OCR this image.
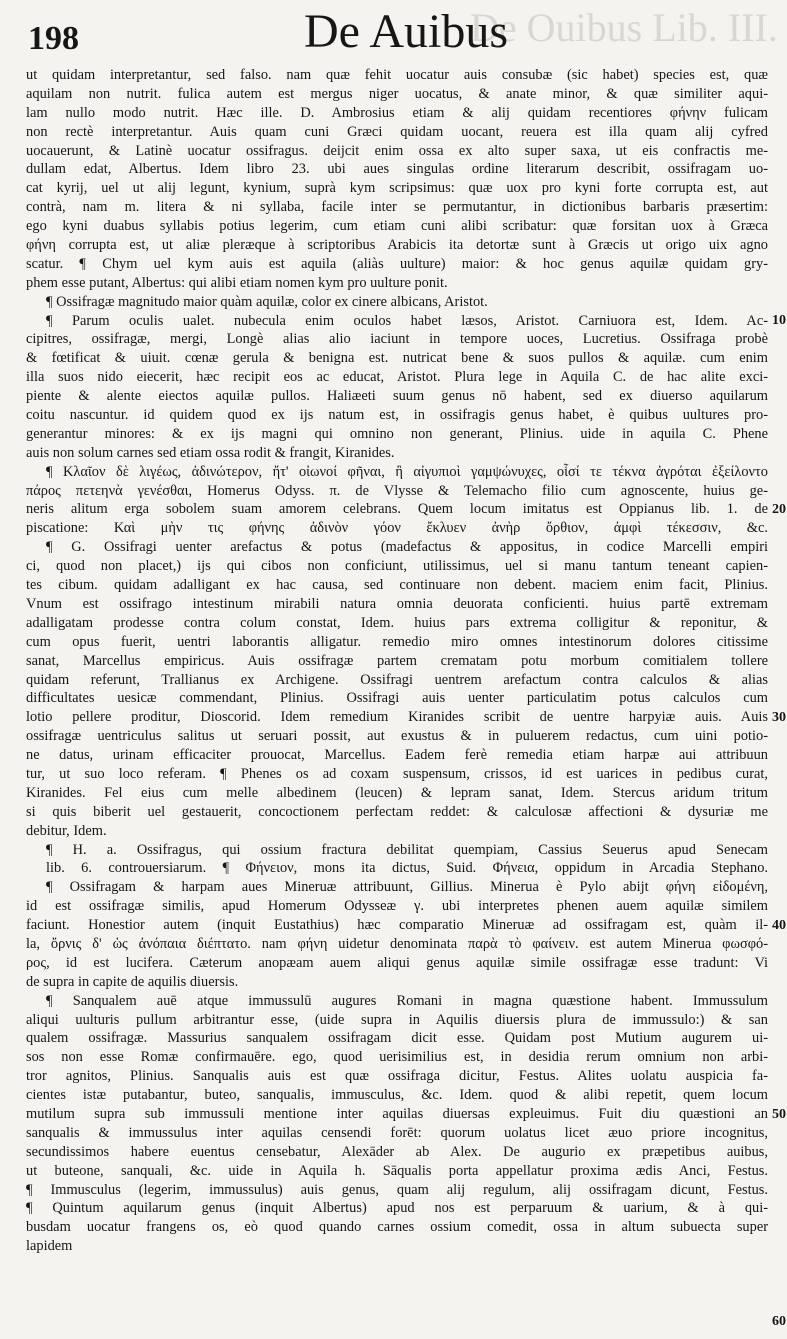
De Ouibus Lib. III.
198	De Auibus
ut quidam interpretantur, sed falso. nam quæ fehit uocatur auis consubæ (sic habet) species est, quæ
aquilam non nutrit. fulica autem est mergus niger uocatus, & anate minor, & quæ similiter aqui-
lam nullo modo nutrit. Hæc ille. D. Ambrosius etiam & alij quidam recentiores φήνην fulicam
non rectè interpretantur. Auis quam cuni Græci quidam uocant, reuera est illa quam alij cyfred
uocauerunt, & Latinè uocatur ossifragus. deijcit enim ossa ex alto super saxa, ut eis confractis me-
dullam edat, Albertus. Idem libro 23. ubi aues singulas ordine literarum describit, ossifragam uo-
cat kyrij, uel ut alij legunt, kynium, suprà kym scripsimus: quæ uox pro kyni forte corrupta est, aut
contrà, nam m. litera & ni syllaba, facile inter se permutantur, in dictionibus barbaris præsertim:
ego kyni duabus syllabis potius legerim, cum etiam cuni alibi scribatur: quæ forsitan uox à Græca
φήνη corrupta est, ut aliæ pleræque à scriptoribus Arabicis ita detortæ sunt à Græcis ut origo uix agno
scatur. ¶ Chym uel kym auis est aquila (aliàs uulture) maior: & hoc genus aquilæ quidam gry-
phem esse putant, Albertus: qui alibi etiam nomen kym pro uulture ponit.
¶ Ossifragæ magnitudo maior quàm aquilæ, color ex cinere albicans, Aristot.
¶ Parum oculis ualet. nubecula enim oculos habet læsos, Aristot. Carniuora est, Idem. Ac-
cipitres, ossifragæ, mergi, Longè alias alio iaciunt in tempore uoces, Lucretius. Ossifraga probè
& fœtificat & uiuit. cœnæ gerula & benigna est. nutricat bene & suos pullos & aquilæ. cum enim
illa suos nido eiecerit, hæc recipit eos ac educat, Aristot. Plura lege in Aquila C. de hac alite exci-
piente & alente eiectos aquilæ pullos. Haliæeti suum genus nō habent, sed ex diuerso aquilarum
coitu nascuntur. id quidem quod ex ijs natum est, in ossifragis genus habet, è quibus uultures pro-
generantur minores: & ex ijs magni qui omnino non generant, Plinius. uide in aquila C. Phene
auis non solum carnes sed etiam ossa rodit & frangit, Kiranides.
¶ Κλαῖον δὲ λιγέως, ἀδινώτερον, ἤτ' οἰωνοί φῆναι, ἢ αἰγυπιοὶ γαμψώνυχες, οἷσί τε τέκνα ἀγρόται ἐξείλοντο
πάρος πετεηνὰ γενέσθαι, Homerus Odyss. π. de Vlysse & Telemacho filio cum agnoscente, huius ge-
neris alitum erga sobolem suam amorem celebrans. Quem locum imitatus est Oppianus lib. 1. de
piscatione: Καὶ μὴν τις φήνης ἀδινὸν γόον ἔκλυεν ἀνὴρ ὄρθιον, ἀμφὶ τέκεσσιν, &c.
¶ G. Ossifragi uenter arefactus & potus (madefactus & appositus, in codice Marcelli empiri
ci, quod non placet,) ijs qui cibos non conficiunt, utilissimus, uel si manu tantum teneant capien-
tes cibum. quidam adalligant ex hac causa, sed continuare non debent. maciem enim facit, Plinius.
Vnum est ossifrago intestinum mirabili natura omnia deuorata conficienti. huius partē extremam
adalligatam prodesse contra colum constat, Idem. huius pars extrema colligitur & reponitur, &
cum opus fuerit, uentri laborantis alligatur. remedio miro omnes intestinorum dolores citissime
sanat, Marcellus empiricus. Auis ossifragæ partem crematam potu morbum comitialem tollere
quidam referunt, Trallianus ex Archigene. Ossifragi uentrem arefactum contra calculos & alias
difficultates uesicæ commendant, Plinius. Ossifragi auis uenter particulatim potus calculos cum
lotio pellere proditur, Dioscorid. Idem remedium Kiranides scribit de uentre harpyiæ auis. Auis
ossifragæ uentriculus salitus ut seruari possit, aut exustus & in puluerem redactus, cum uini potio-
ne datus, urinam efficaciter prouocat, Marcellus. Eadem ferè remedia etiam harpæ aui attribuun
tur, ut suo loco referam. ¶ Phenes os ad coxam suspensum, crissos, id est uarices in pedibus curat,
Kiranides. Fel eius cum melle albedinem (leucen) & lepram sanat, Idem. Stercus aridum tritum
si quis biberit uel gestauerit, concoctionem perfectam reddet: & calculosæ affectioni & dysuriæ me
debitur, Idem.
¶ H. a. Ossifragus, qui ossium fractura debilitat quempiam, Cassius Seuerus apud Senecam
lib. 6. controuersiarum. ¶ Φήνειον, mons ita dictus, Suid. Φήνεια, oppidum in Arcadia Stephano.
¶ Ossifragam & harpam aues Mineruæ attribuunt, Gillius. Minerua è Pylo abijt φήνη εἰδομένη,
id est ossifragæ similis, apud Homerum Odysseæ γ. ubi interpretes phenen auem aquilæ similem
faciunt. Honestior autem (inquit Eustathius) hæc comparatio Mineruæ ad ossifragam est, quàm il-
la, ὄρνις δ' ὡς ἀνόπαια διέπτατο. nam φήνη uidetur denominata παρὰ τὸ φαίνειν. est autem Minerua φωσφό-
ρος, id est lucifera. Cæterum anopæam auem aliqui genus aquilæ simile ossifragæ esse tradunt: Vi
de supra in capite de aquilis diuersis.
¶ Sanqualem auē atque immussulū augures Romani in magna quæstione habent. Immussulum
aliqui uulturis pullum arbitrantur esse, (uide supra in Aquilis diuersis plura de immussulo:) & san
qualem ossifragæ. Massurius sanqualem ossifragam dicit esse. Quidam post Mutium augurem ui-
sos non esse Romæ confirmauēre. ego, quod uerisimilius est, in desidia rerum omnium non arbi-
tror agnitos, Plinius. Sanqualis auis est quæ ossifraga dicitur, Festus. Alites uolatu auspicia fa-
cientes istæ putabantur, buteo, sanqualis, immusculus, &c. Idem. quod & alibi repetit, quem locum
mutilum supra sub immussuli mentione inter aquilas diuersas expleuimus. Fuit diu quæstioni an
sanqualis & immussulus inter aquilas censendi forēt: quorum uolatus licet æuo priore incognitus,
secundissimos habere euentus censebatur, Alexāder ab Alex. De augurio ex præpetibus auibus,
ut buteone, sanquali, &c. uide in Aquila h. Sāqualis porta appellatur proxima ædis Anci, Festus.
¶ Immusculus (legerim, immussulus) auis genus, quam alij regulum, alij ossifragam dicunt, Festus.
¶ Quintum aquilarum genus (inquit Albertus) apud nos est perparuum & uarium, & à qui-
busdam uocatur frangens os, eò quod quando carnes ossium comedit, ossa in altum subuecta super
lapidem
10
20
30
40
50
60
